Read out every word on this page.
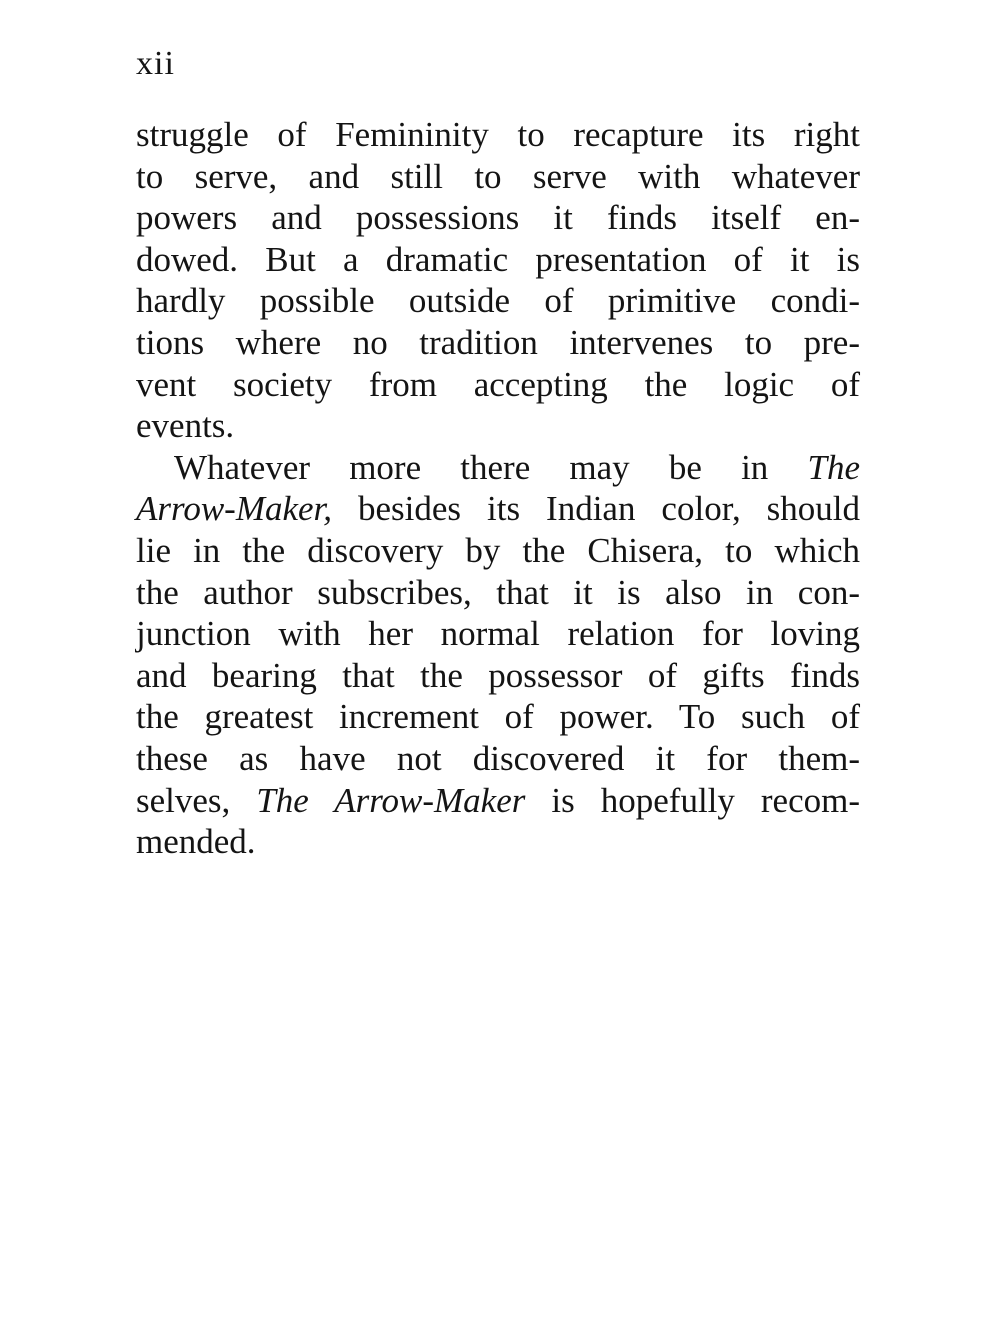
xii
struggle of Femininity to recapture its right
to serve, and still to serve with whatever
powers and possessions it finds itself en-
dowed. But a dramatic presentation of it is
hardly possible outside of primitive condi-
tions where no tradition intervenes to pre-
vent society from accepting the logic of
events.
Whatever more there may be in The
Arrow-Maker, besides its Indian color, should
lie in the discovery by the Chisera, to which
the author subscribes, that it is also in con-
junction with her normal relation for loving
and bearing that the possessor of gifts finds
the greatest increment of power. To such of
these as have not discovered it for them-
selves, The Arrow-Maker is hopefully recom-
mended.
